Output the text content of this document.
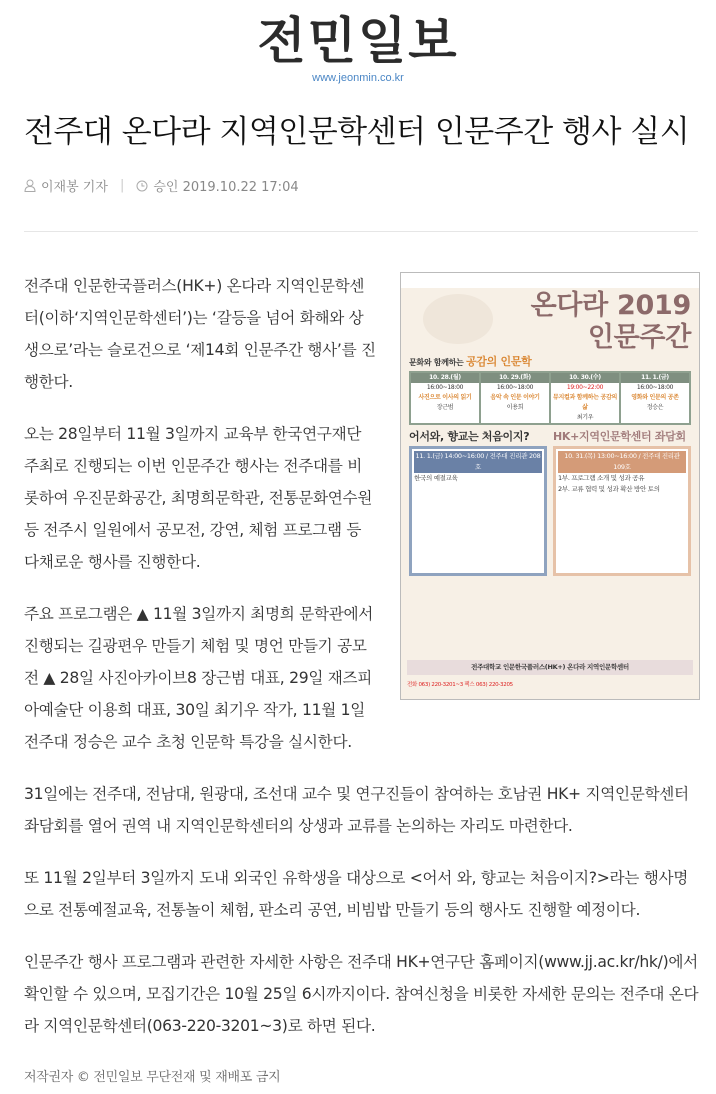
전민일보
www.jeonmin.co.kr
전주대 온다라 지역인문학센터 인문주간 행사 실시
이재봉 기자 | 승인 2019.10.22 17:04

온다라 2019
인문주간
문화와 함께하는 공감의 인문학
10. 28.(월)
16:00~18:00
사진으로 이사의 읽기
장근범
10. 29.(화)
16:00~18:00
음악 속 인문 이야기
이용희
10. 30.(수)
19:00~22:00
뮤지컬과 함께하는 공감의 삶
최기우
11. 1.(금)
16:00~18:00
영화와 인문의 공존
정승은
어서와, 향교는 처음이지?
11. 1.(금) 14:00~16:00 / 전주대 진리관 208호
한국의 예절교육
HK+지역인문학센터 좌담회
10. 31.(목) 13:00~16:00 / 전주대 진리관 109호
1부. 프로그램 소개 및 성과 공유
2부. 교류 협력 및 성과 확산 방안 토의
전주대학교 인문한국플러스(HK+) 온다라 지역인문학센터
전화 063) 220-3201~3 팩스 063) 220-3205

전주대 인문한국플러스(HK+) 온다라 지역인문학센터(이하‘지역인문학센터’)는 ‘갈등을 넘어 화해와 상생으로’라는 슬로건으로 ‘제14회 인문주간 행사’를 진행한다.

오는 28일부터 11월 3일까지 교육부 한국연구재단 주최로 진행되는 이번 인문주간 행사는 전주대를 비롯하여 우진문화공간, 최명희문학관, 전통문화연수원 등 전주시 일원에서 공모전, 강연, 체험 프로그램 등 다채로운 행사를 진행한다.

주요 프로그램은 ▲ 11월 3일까지 최명희 문학관에서 진행되는 길광편우 만들기 체험 및 명언 만들기 공모전 ▲ 28일 사진아카이브8 장근범 대표, 29일 재즈피아예술단 이용희 대표, 30일 최기우 작가, 11월 1일 전주대 정승은 교수 초청 인문학 특강을 실시한다.

31일에는 전주대, 전남대, 원광대, 조선대 교수 및 연구진들이 참여하는 호남권 HK+ 지역인문학센터 좌담회를 열어 권역 내 지역인문학센터의 상생과 교류를 논의하는 자리도 마련한다.

또 11월 2일부터 3일까지 도내 외국인 유학생을 대상으로 <어서 와, 향교는 처음이지?>라는 행사명으로 전통예절교육, 전통놀이 체험, 판소리 공연, 비빔밥 만들기 등의 행사도 진행할 예정이다.

인문주간 행사 프로그램과 관련한 자세한 사항은 전주대 HK+연구단 홈페이지(www.jj.ac.kr/hk/)에서 확인할 수 있으며, 모집기간은 10월 25일 6시까지이다. 참여신청을 비롯한 자세한 문의는 전주대 온다라 지역인문학센터(063-220-3201~3)로 하면 된다.

저작권자 © 전민일보 무단전재 및 재배포 금지
